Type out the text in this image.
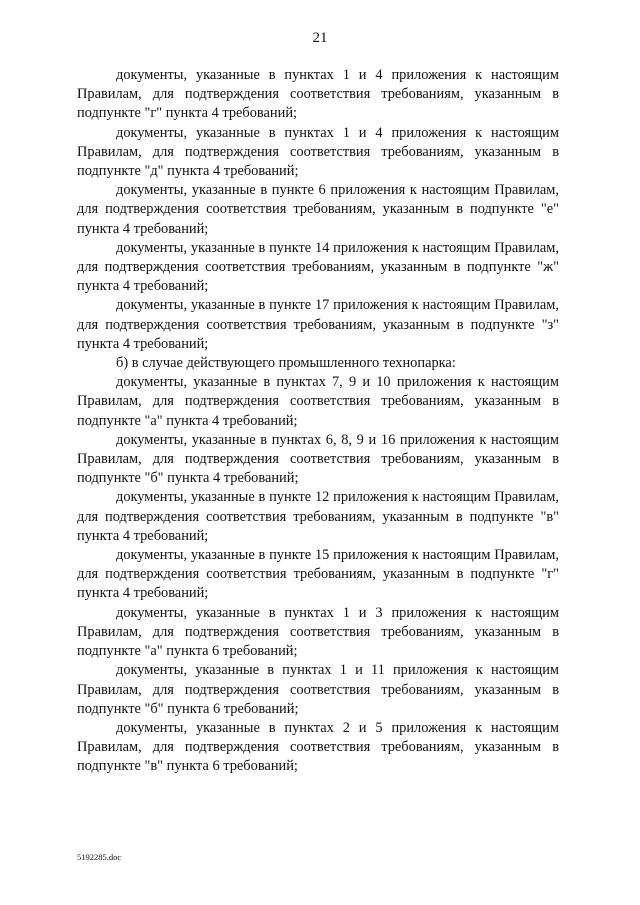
21

документы, указанные в пунктах 1 и 4 приложения к настоящим Правилам, для подтверждения соответствия требованиям, указанным в подпункте "г" пункта 4 требований;

документы, указанные в пунктах 1 и 4 приложения к настоящим Правилам, для подтверждения соответствия требованиям, указанным в подпункте "д" пункта 4 требований;

документы, указанные в пункте 6 приложения к настоящим Правилам, для подтверждения соответствия требованиям, указанным в подпункте "е" пункта 4 требований;

документы, указанные в пункте 14 приложения к настоящим Правилам, для подтверждения соответствия требованиям, указанным в подпункте "ж" пункта 4 требований;

документы, указанные в пункте 17 приложения к настоящим Правилам, для подтверждения соответствия требованиям, указанным в подпункте "з" пункта 4 требований;

б) в случае действующего промышленного технопарка:

документы, указанные в пунктах 7, 9 и 10 приложения к настоящим Правилам, для подтверждения соответствия требованиям, указанным в подпункте "а" пункта 4 требований;

документы, указанные в пунктах 6, 8, 9 и 16 приложения к настоящим Правилам, для подтверждения соответствия требованиям, указанным в подпункте "б" пункта 4 требований;

документы, указанные в пункте 12 приложения к настоящим Правилам, для подтверждения соответствия требованиям, указанным в подпункте "в" пункта 4 требований;

документы, указанные в пункте 15 приложения к настоящим Правилам, для подтверждения соответствия требованиям, указанным в подпункте "г" пункта 4 требований;

документы, указанные в пунктах 1 и 3 приложения к настоящим Правилам, для подтверждения соответствия требованиям, указанным в подпункте "а" пункта 6 требований;

документы, указанные в пунктах 1 и 11 приложения к настоящим Правилам, для подтверждения соответствия требованиям, указанным в подпункте "б" пункта 6 требований;

документы, указанные в пунктах 2 и 5 приложения к настоящим Правилам, для подтверждения соответствия требованиям, указанным в подпункте "в" пункта 6 требований;

5192285.doc
